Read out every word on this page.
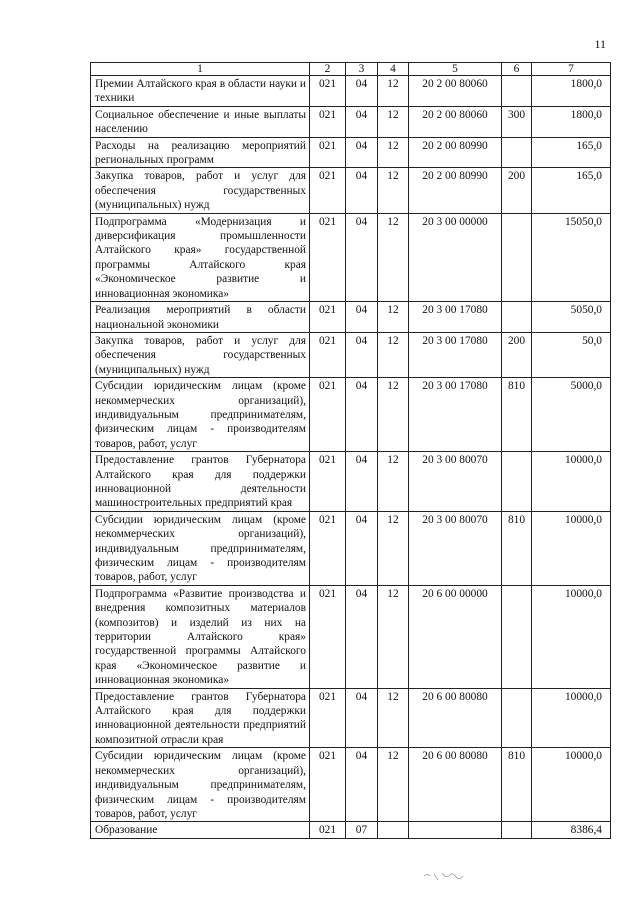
11
1	2	3	4	5	6	7
Премии Алтайского края в области науки и техники	021	04	12	20 2 00 80060		1800,0
Социальное обеспечение и иные выплаты населению	021	04	12	20 2 00 80060	300	1800,0
Расходы на реализацию мероприятий региональных программ	021	04	12	20 2 00 80990		165,0
Закупка товаров, работ и услуг для обеспечения государственных (муниципальных) нужд	021	04	12	20 2 00 80990	200	165,0
Подпрограмма «Модернизация и диверсификация промышленности Алтайского края» государственной программы Алтайского края «Экономическое развитие и инновационная экономика»	021	04	12	20 3 00 00000		15050,0
Реализация мероприятий в области национальной экономики	021	04	12	20 3 00 17080		5050,0
Закупка товаров, работ и услуг для обеспечения государственных (муниципальных) нужд	021	04	12	20 3 00 17080	200	50,0
Субсидии юридическим лицам (кроме некоммерческих организаций), индивидуальным предпринимателям, физическим лицам - производителям товаров, работ, услуг	021	04	12	20 3 00 17080	810	5000,0
Предоставление грантов Губернатора Алтайского края для поддержки инновационной деятельности машиностроительных предприятий края	021	04	12	20 3 00 80070		10000,0
Субсидии юридическим лицам (кроме некоммерческих организаций), индивидуальным предпринимателям, физическим лицам - производителям товаров, работ, услуг	021	04	12	20 3 00 80070	810	10000,0
Подпрограмма «Развитие производства и внедрения композитных материалов (композитов) и изделий из них на территории Алтайского края» государственной программы Алтайского края «Экономическое развитие и инновационная экономика»	021	04	12	20 6 00 00000		10000,0
Предоставление грантов Губернатора Алтайского края для поддержки инновационной деятельности предприятий композитной отрасли края	021	04	12	20 6 00 80080		10000,0
Субсидии юридическим лицам (кроме некоммерческих организаций), индивидуальным предпринимателям, физическим лицам - производителям товаров, работ, услуг	021	04	12	20 6 00 80080	810	10000,0
Образование	021	07				8386,4
